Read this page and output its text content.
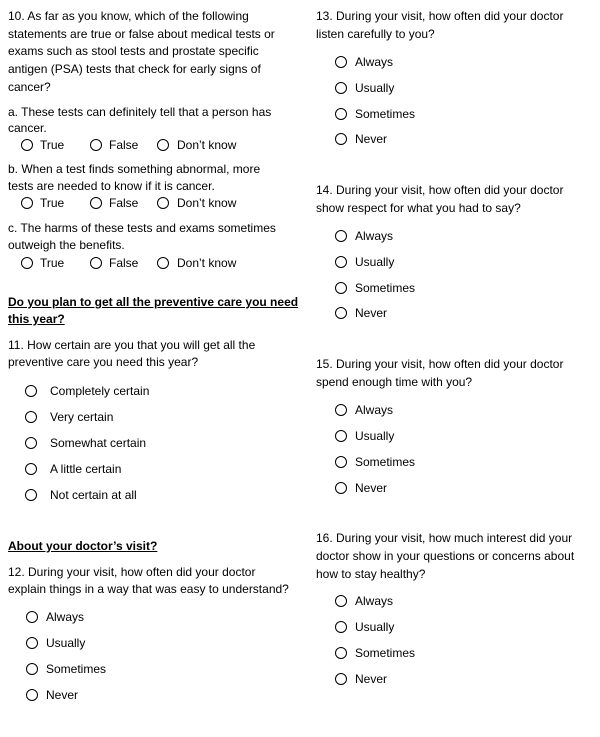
10. As far as you know, which of the following
statements are true or false about medical tests or
exams such as stool tests and prostate specific
antigen (PSA) tests that check for early signs of
cancer?
a. These tests can definitely tell that a person has
cancer.
True	False	Don’t know
b. When a test finds something abnormal, more
tests are needed to know if it is cancer.
True	False	Don’t know
c. The harms of these tests and exams sometimes
outweigh the benefits.
True	False	Don’t know
Do you plan to get all the preventive care you need
this year?
11. How certain are you that you will get all the
preventive care you need this year?
Completely certain
Very certain
Somewhat certain
A little certain
Not certain at all
About your doctor’s visit?
12. During your visit, how often did your doctor
explain things in a way that was easy to understand?
Always
Usually
Sometimes
Never
13. During your visit, how often did your doctor
listen carefully to you?
Always
Usually
Sometimes
Never
14. During your visit, how often did your doctor
show respect for what you had to say?
Always
Usually
Sometimes
Never
15. During your visit, how often did your doctor
spend enough time with you?
Always
Usually
Sometimes
Never
16. During your visit, how much interest did your
doctor show in your questions or concerns about
how to stay healthy?
Always
Usually
Sometimes
Never
